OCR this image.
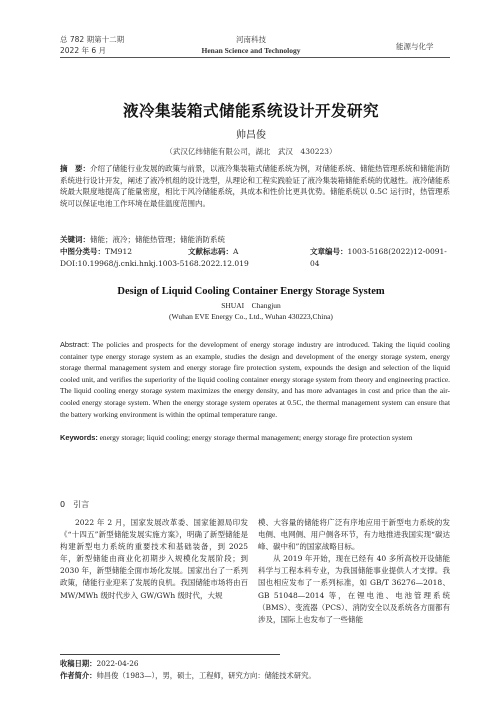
总 782 期第十二期
2022 年 6 月
河南科技
Henan Science and Technology	能源与化学
液冷集装箱式储能系统设计开发研究
帅昌俊
（武汉亿纬储能有限公司，湖北　武汉　430223）
摘　要：介绍了储能行业发展的政策与前景，以液冷集装箱式储能系统为例，对储能系统、储能热管理系统和储能消防系统进行设计开发，阐述了液冷机组的设计选型，从理论和工程实践验证了液冷集装箱储能系统的优越性。液冷储能系统最大限度地提高了能量密度，相比于风冷储能系统，具成本和性价比更具优势。储能系统以 0.5C 运行时，热管理系统可以保证电池工作环境在最佳温度范围内。
关键词：储能；液冷；储能热管理；储能消防系统
中图分类号：TM912	文献标志码：A	文章编号：1003-5168(2022)12-0091-04
DOI:10.19968/j.cnki.hnkj.1003-5168.2022.12.019
Design of Liquid Cooling Container Energy Storage System
SHUAI　Changjun
(Wuhan EVE Energy Co., Ltd., Wuhan 430223,China)
Abstract: The policies and prospects for the development of energy storage industry are introduced. Taking the liquid cooling container type energy storage system as an example, studies the design and development of the energy storage system, energy storage thermal management system and energy storage fire protection system, expounds the design and selection of the liquid cooled unit, and verifies the superiority of the liquid cooling container energy storage system from theory and engineering practice. The liquid cooling energy storage system maximizes the energy density, and has more advantages in cost and price than the air-cooled energy storage system. When the energy storage system operates at 0.5C, the thermal management system can ensure that the battery working environment is within the optimal temperature range.
Keywords: energy storage; liquid cooling; energy storage thermal management; energy storage fire protection system
0　引言

2022 年 2 月，国家发展改革委、国家能源局印发《“十四五”新型储能发展实施方案》，明确了新型储能是构建新型电力系统的重要技术和基础装备，到 2025 年，新型储能由商业化初期步入规模化发展阶段；到 2030 年，新型储能全面市场化发展。国家出台了一系列政策，储能行业迎来了发展的良机。我国储能市场将由百 MW/MWh 级时代步入 GW/GWh 级时代，大规

模、大容量的储能将广泛有序地应用于新型电力系统的发电侧、电网侧、用户侧各环节，有力地推进我国实现“碳达峰、碳中和”的国家战略目标。

从 2019 年开始，现在已经有 40 多所高校开设储能科学与工程本科专业，为我国储能事业提供人才支撑。我国也相应发布了一系列标准，如 GB/T 36276—2018、GB 51048—2014 等，在锂电池、电池管理系统（BMS）、变流器（PCS）、消防安全以及系统各方面都有涉及，国际上也发布了一些储能

收稿日期：2022-04-26
作者简介：帅昌俊（1983—），男，硕士，工程师，研究方向：储能技术研究。
